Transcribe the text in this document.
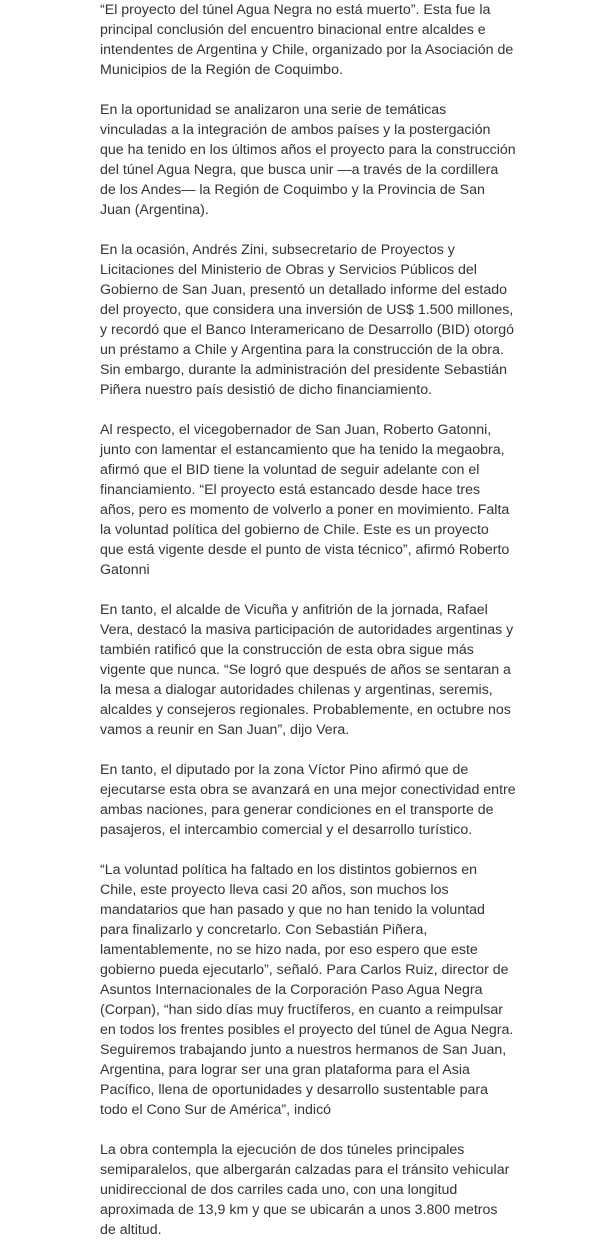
“El proyecto del túnel Agua Negra no está muerto”. Esta fue la principal conclusión del encuentro binacional entre alcaldes e intendentes de Argentina y Chile, organizado por la Asociación de Municipios de la Región de Coquimbo.

En la oportunidad se analizaron una serie de temáticas vinculadas a la integración de ambos países y la postergación que ha tenido en los últimos años el proyecto para la construcción del túnel Agua Negra, que busca unir —a través de la cordillera de los Andes— la Región de Coquimbo y la Provincia de San Juan (Argentina).

En la ocasión, Andrés Zini, subsecretario de Proyectos y Licitaciones del Ministerio de Obras y Servicios Públicos del Gobierno de San Juan, presentó un detallado informe del estado del proyecto, que considera una inversión de US$ 1.500 millones, y recordó que el Banco Interamericano de Desarrollo (BID) otorgó un préstamo a Chile y Argentina para la construcción de la obra. Sin embargo, durante la administración del presidente Sebastián Piñera nuestro país desistió de dicho financiamiento.

Al respecto, el vicegobernador de San Juan, Roberto Gatonni, junto con lamentar el estancamiento que ha tenido la megaobra, afirmó que el BID tiene la voluntad de seguir adelante con el financiamiento. “El proyecto está estancado desde hace tres años, pero es momento de volverlo a poner en movimiento. Falta la voluntad política del gobierno de Chile. Este es un proyecto que está vigente desde el punto de vista técnico”, afirmó Roberto Gatonni

En tanto, el alcalde de Vicuña y anfitrión de la jornada, Rafael Vera, destacó la masiva participación de autoridades argentinas y también ratificó que la construcción de esta obra sigue más vigente que nunca. “Se logró que después de años se sentaran a la mesa a dialogar autoridades chilenas y argentinas, seremis, alcaldes y consejeros regionales. Probablemente, en octubre nos vamos a reunir en San Juan”, dijo Vera.

En tanto, el diputado por la zona Víctor Pino afirmó que de ejecutarse esta obra se avanzará en una mejor conectividad entre ambas naciones, para generar condiciones en el transporte de pasajeros, el intercambio comercial y el desarrollo turístico.

“La voluntad política ha faltado en los distintos gobiernos en Chile, este proyecto lleva casi 20 años, son muchos los mandatarios que han pasado y que no han tenido la voluntad para finalizarlo y concretarlo. Con Sebastián Piñera, lamentablemente, no se hizo nada, por eso espero que este gobierno pueda ejecutarlo”, señaló. Para Carlos Ruiz, director de Asuntos Internacionales de la Corporación Paso Agua Negra (Corpan), “han sido días muy fructíferos, en cuanto a reimpulsar en todos los frentes posibles el proyecto del túnel de Agua Negra. Seguiremos trabajando junto a nuestros hermanos de San Juan, Argentina, para lograr ser una gran plataforma para el Asia Pacífico, llena de oportunidades y desarrollo sustentable para todo el Cono Sur de América”, indicó

La obra contempla la ejecución de dos túneles principales semiparalelos, que albergarán calzadas para el tránsito vehicular unidireccional de dos carriles cada uno, con una longitud aproximada de 13,9 km y que se ubicarán a unos 3.800 metros de altitud.
